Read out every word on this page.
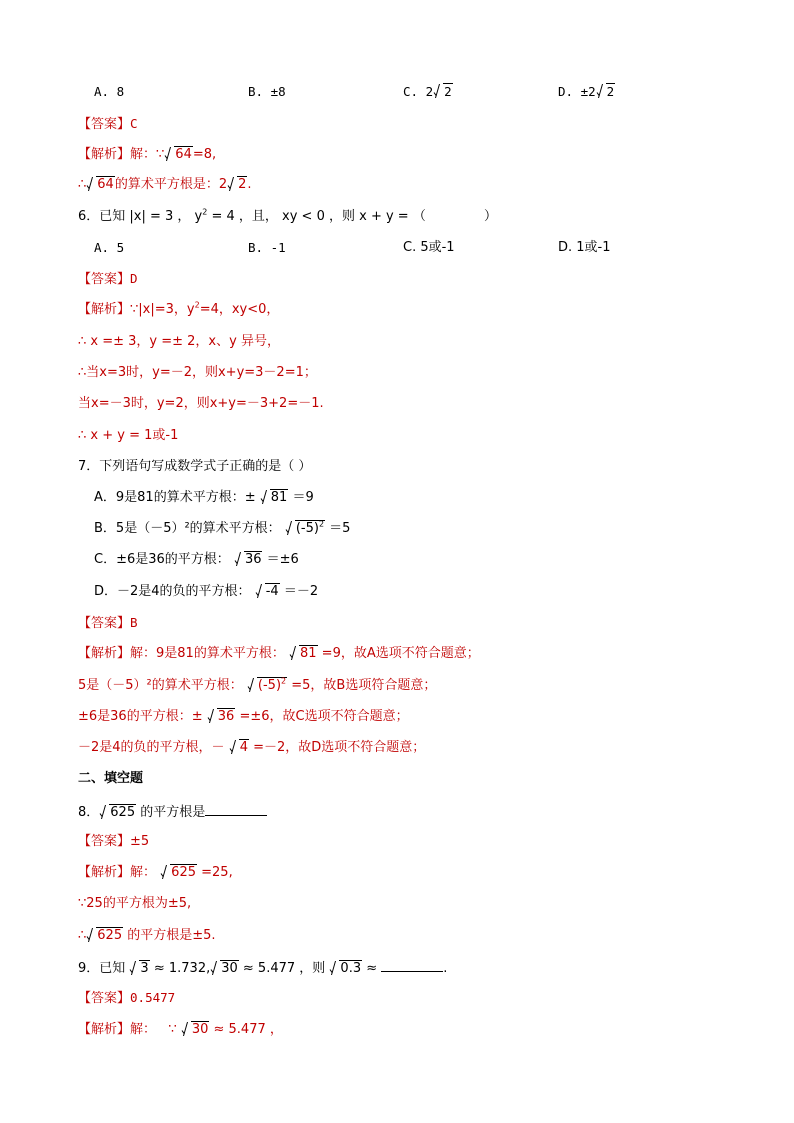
A. 8	B. ±8	C. 2 2	D. ±2 2
【答案】C
【解析】解：∵ 64=8,
∴ 64的算术平方根是：2 2.
6．已知 |x| = 3 ， $y^2 = 4$ ，且， xy < 0 ，则 x + y = （	）
A. 5	B. -1	C. 5或-1	D. 1或-1
【答案】D
【解析】∵|x|=3，$y^2=4$，xy<0，
∴ x =± 3，y =± 2，x、y 异号，
∴当x=3时，y=－2，则x+y=3－2=1；
当x=－3时，y=2，则x+y=－3+2=－1.
∴ x + y = 1或-1
7．下列语句写成数学式子正确的是（ ）
A．9是81的算术平方根：± 81 ＝9
B．5是（－5）²的算术平方根： $(-5)^2 =5$
C．±6是36的平方根： 36 ＝±6
D．－2是4的负的平方根： -4 ＝－2
【答案】B
【解析】解：9是81的算术平方根： 81 =9，故A选项不符合题意；
5是（－5）²的算术平方根： $(-5)^2 =5$，故B选项符合题意；
±6是36的平方根：± 36 =±6，故C选项不符合题意；
－2是4的负的平方根，－ 4 =－2，故D选项不符合题意；
二、填空题
8． 625 的平方根是
【答案】±5
【解析】解： 625 =25,
∵25的平方根为±5,
∴ 625 的平方根是±5.
9．已知 3 ≈ 1.732, 30 ≈ 5.477 ，则 0.3 ≈	.
【答案】0.5477
【解析】解：   ∵ 30 ≈ 5.477 ，
